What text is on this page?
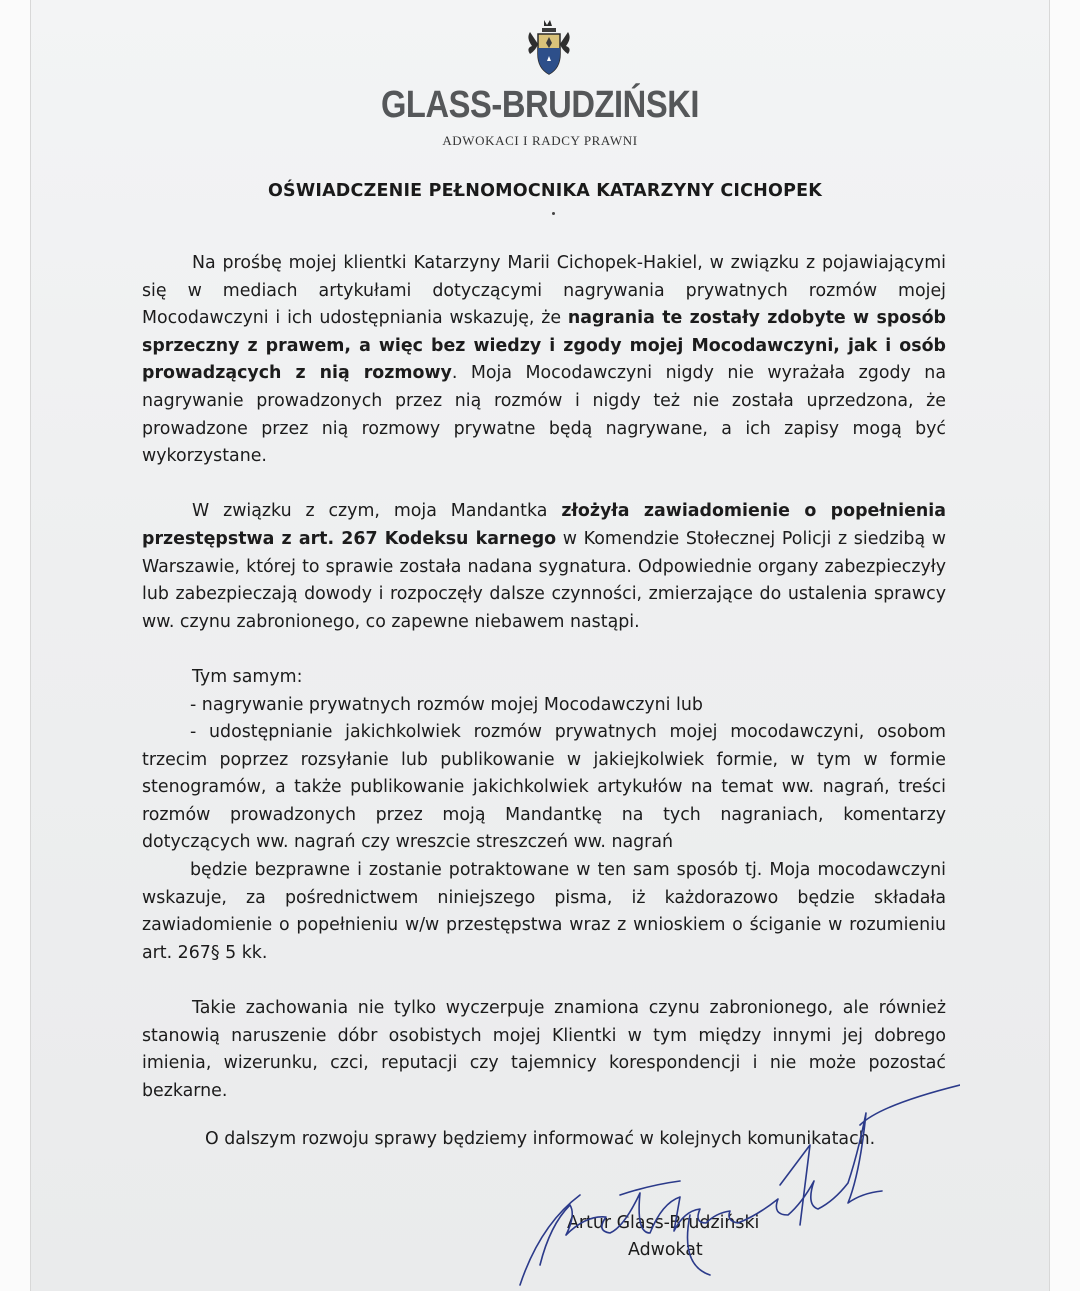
GLASS-BRUDZIŃSKI
ADWOKACI I RADCY PRAWNI
OŚWIADCZENIE PEŁNOMOCNIKA KATARZYNY CICHOPEK

Na prośbę mojej klientki Katarzyny Marii Cichopek-Hakiel, w związku z pojawiającymi się w mediach artykułami dotyczącymi nagrywania prywatnych rozmów mojej Mocodawczyni i ich udostępniania wskazuję, że nagrania te zostały zdobyte w sposób sprzeczny z prawem, a więc bez wiedzy i zgody mojej Mocodawczyni, jak i osób prowadzących z nią rozmowy. Moja Mocodawczyni nigdy nie wyrażała zgody na nagrywanie prowadzonych przez nią rozmów i nigdy też nie została uprzedzona, że prowadzone przez nią rozmowy prywatne będą nagrywane, a ich zapisy mogą być wykorzystane.

W związku z czym, moja Mandantka złożyła zawiadomienie o popełnienia przestępstwa z art. 267 Kodeksu karnego w Komendzie Stołecznej Policji z siedzibą w Warszawie, której to sprawie została nadana sygnatura. Odpowiednie organy zabezpieczyły lub zabezpieczają dowody i rozpoczęły dalsze czynności, zmierzające do ustalenia sprawcy ww. czynu zabronionego, co zapewne niebawem nastąpi.

Tym samym:

- nagrywanie prywatnych rozmów mojej Mocodawczyni lub

- udostępnianie jakichkolwiek rozmów prywatnych mojej mocodawczyni, osobom trzecim poprzez rozsyłanie lub publikowanie w jakiejkolwiek formie, w tym w formie stenogramów, a także publikowanie jakichkolwiek artykułów na temat ww. nagrań, treści rozmów prowadzonych przez moją Mandantkę na tych nagraniach, komentarzy dotyczących ww. nagrań czy wreszcie streszczeń ww. nagrań

będzie bezprawne i zostanie potraktowane w ten sam sposób tj. Moja mocodawczyni wskazuje, za pośrednictwem niniejszego pisma, iż każdorazowo będzie składała zawiadomienie o popełnieniu w/w przestępstwa wraz z wnioskiem o ściganie w rozumieniu art. 267§ 5 kk.

Takie zachowania nie tylko wyczerpuje znamiona czynu zabronionego, ale również stanowią naruszenie dóbr osobistych mojej Klientki w tym między innymi jej dobrego imienia, wizerunku, czci, reputacji czy tajemnicy korespondencji i nie może pozostać bezkarne.

O dalszym rozwoju sprawy będziemy informować w kolejnych komunikatach.
Artur Glass-Brudziński
Adwokat
